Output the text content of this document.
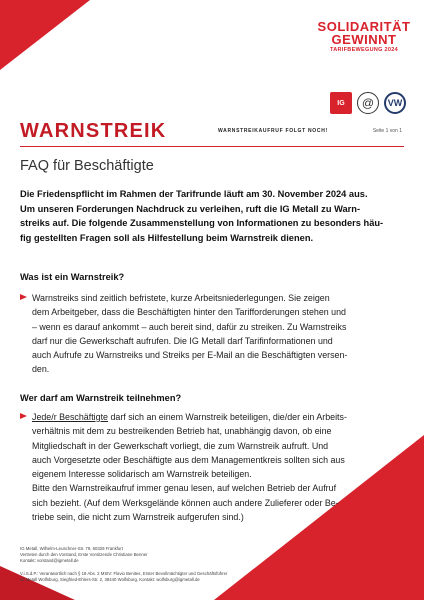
SOLIDARITÄT
GEWINNT
TARIFBEWEGUNG 2024
IG	@	VW
WARNSTREIK	WARNSTREIKAUFRUF FOLGT NOCH!	Seite 1 von 1
FAQ für Beschäftigte
Die Friedenspflicht im Rahmen der Tarifrunde läuft am 30. November 2024 aus.
Um unseren Forderungen Nachdruck zu verleihen, ruft die IG Metall zu Warn-
streiks auf. Die folgende Zusammenstellung von Informationen zu besonders häu-
fig gestellten Fragen soll als Hilfestellung beim Warnstreik dienen.
Was ist ein Warnstreik?

Warnstreiks sind zeitlich befristete, kurze Arbeitsniederlegungen. Sie zeigen

dem Arbeitgeber, dass die Beschäftigten hinter den Tarifforderungen stehen und

– wenn es darauf ankommt – auch bereit sind, dafür zu streiken. Zu Warnstreiks

darf nur die Gewerkschaft aufrufen. Die IG Metall darf Tarifinformationen und

auch Aufrufe zu Warnstreiks und Streiks per E-Mail an die Beschäftigten versen-

den.

Wer darf am Warnstreik teilnehmen?

Jede/r Beschäftigte darf sich an einem Warnstreik beteiligen, die/der ein Arbeits-

verhältnis mit dem zu bestreikenden Betrieb hat, unabhängig davon, ob eine

Mitgliedschaft in der Gewerkschaft vorliegt, die zum Warnstreik aufruft. Und

auch Vorgesetzte oder Beschäftigte aus dem Managementkreis sollten sich aus

eigenem Interesse solidarisch am Warnstreik beteiligen.

Bitte den Warnstreikaufruf immer genau lesen, auf welchen Betrieb der Aufruf

sich bezieht. (Auf dem Werksgelände können auch andere Zulieferer oder Be-

triebe sein, die nicht zum Warnstreik aufgerufen sind.)

IG Metall, Wilhelm-Leuschner-Str. 79, 60329 Frankfurt
Vertreten durch den Vorstand, Erste Vorsitzende Christiane Benner
Kontakt: vorstand@igmetall.de
V.i.S.d.P.: Verantwortlich nach § 18 Abs. 2 MStV: Flavio Benites, Erster Bevollmächtigter und Geschäftsführer
IG Metall Wolfsburg, Siegfried-Ehlers-Str. 2, 38440 Wolfsburg, Kontakt: wolfsburg@igmetall.de
